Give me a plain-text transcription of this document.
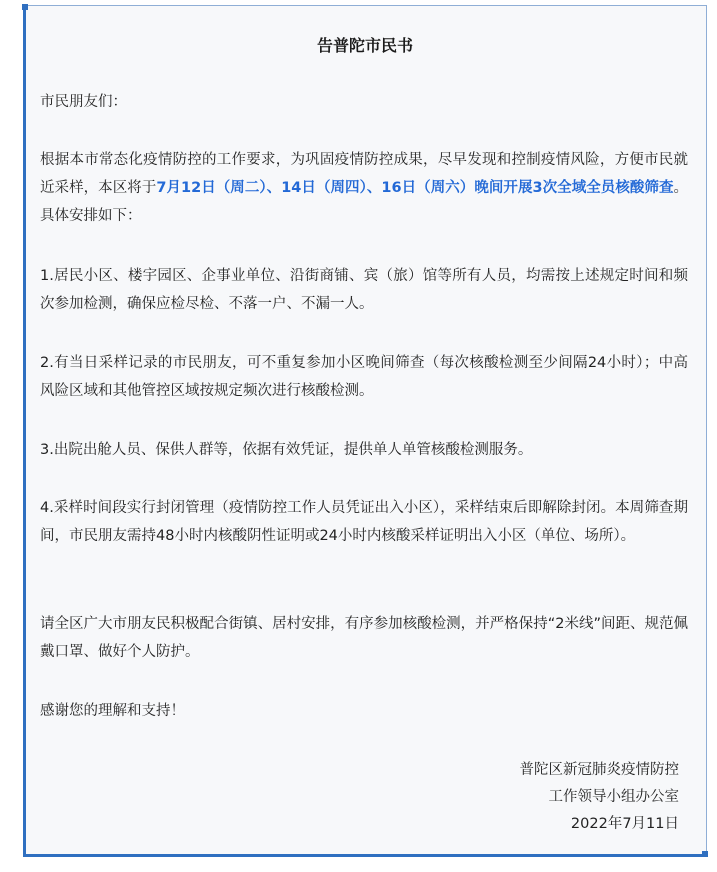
告普陀市民书
市民朋友们：
根据本市常态化疫情防控的工作要求，为巩固疫情防控成果，尽早发现和控制疫情风险，方便市民就近采样，本区将于7月12日（周二）、14日（周四）、16日（周六）晚间开展3次全域全员核酸筛查。具体安排如下：
1.居民小区、楼宇园区、企事业单位、沿街商铺、宾（旅）馆等所有人员，均需按上述规定时间和频次参加检测，确保应检尽检、不落一户、不漏一人。
2.有当日采样记录的市民朋友，可不重复参加小区晚间筛查（每次核酸检测至少间隔24小时）；中高风险区域和其他管控区域按规定频次进行核酸检测。
3.出院出舱人员、保供人群等，依据有效凭证，提供单人单管核酸检测服务。
4.采样时间段实行封闭管理（疫情防控工作人员凭证出入小区），采样结束后即解除封闭。本周筛查期间，市民朋友需持48小时内核酸阴性证明或24小时内核酸采样证明出入小区（单位、场所）。
请全区广大市朋友民积极配合街镇、居村安排，有序参加核酸检测，并严格保持“2米线”间距、规范佩戴口罩、做好个人防护。
感谢您的理解和支持！
普陀区新冠肺炎疫情防控
工作领导小组办公室
2022年7月11日
